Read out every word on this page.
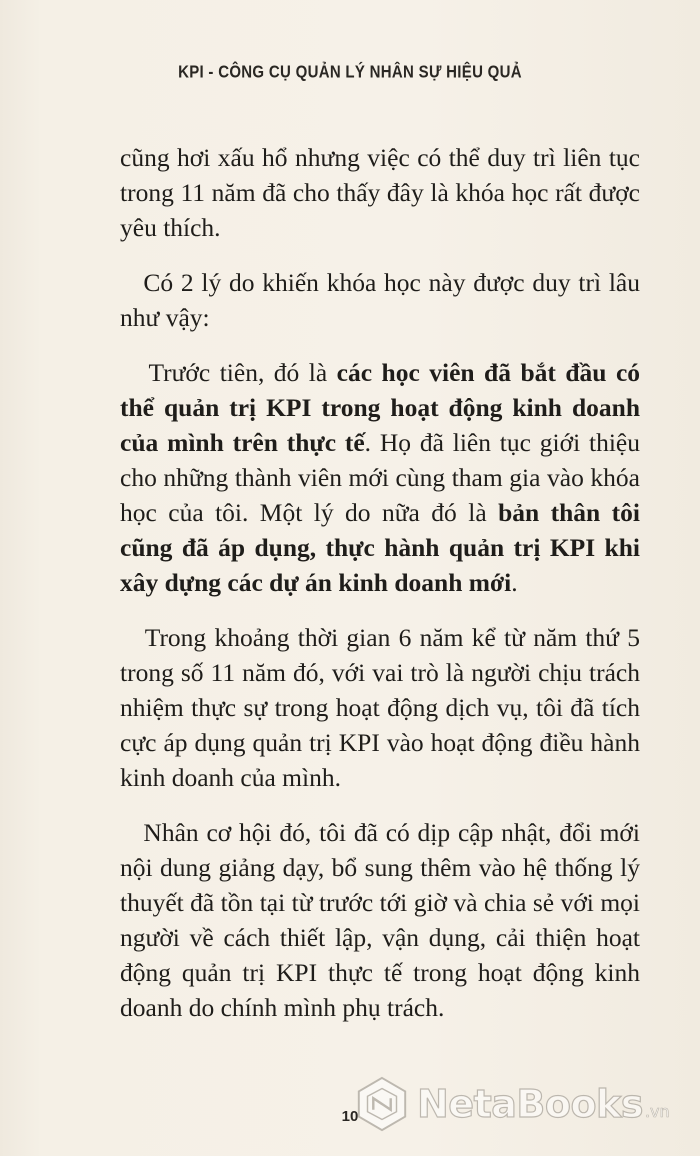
KPI - CÔNG CỤ QUẢN LÝ NHÂN SỰ HIỆU QUẢ

cũng hơi xấu hổ nhưng việc có thể duy trì liên tục trong 11 năm đã cho thấy đây là khóa học rất được yêu thích.

Có 2 lý do khiến khóa học này được duy trì lâu như vậy:

Trước tiên, đó là các học viên đã bắt đầu có thể quản trị KPI trong hoạt động kinh doanh của mình trên thực tế. Họ đã liên tục giới thiệu cho những thành viên mới cùng tham gia vào khóa học của tôi. Một lý do nữa đó là bản thân tôi cũng đã áp dụng, thực hành quản trị KPI khi xây dựng các dự án kinh doanh mới.

Trong khoảng thời gian 6 năm kể từ năm thứ 5 trong số 11 năm đó, với vai trò là người chịu trách nhiệm thực sự trong hoạt động dịch vụ, tôi đã tích cực áp dụng quản trị KPI vào hoạt động điều hành kinh doanh của mình.

Nhân cơ hội đó, tôi đã có dịp cập nhật, đổi mới nội dung giảng dạy, bổ sung thêm vào hệ thống lý thuyết đã tồn tại từ trước tới giờ và chia sẻ với mọi người về cách thiết lập, vận dụng, cải thiện hoạt động quản trị KPI thực tế trong hoạt động kinh doanh do chính mình phụ trách.

10	NetaBooks .vn
